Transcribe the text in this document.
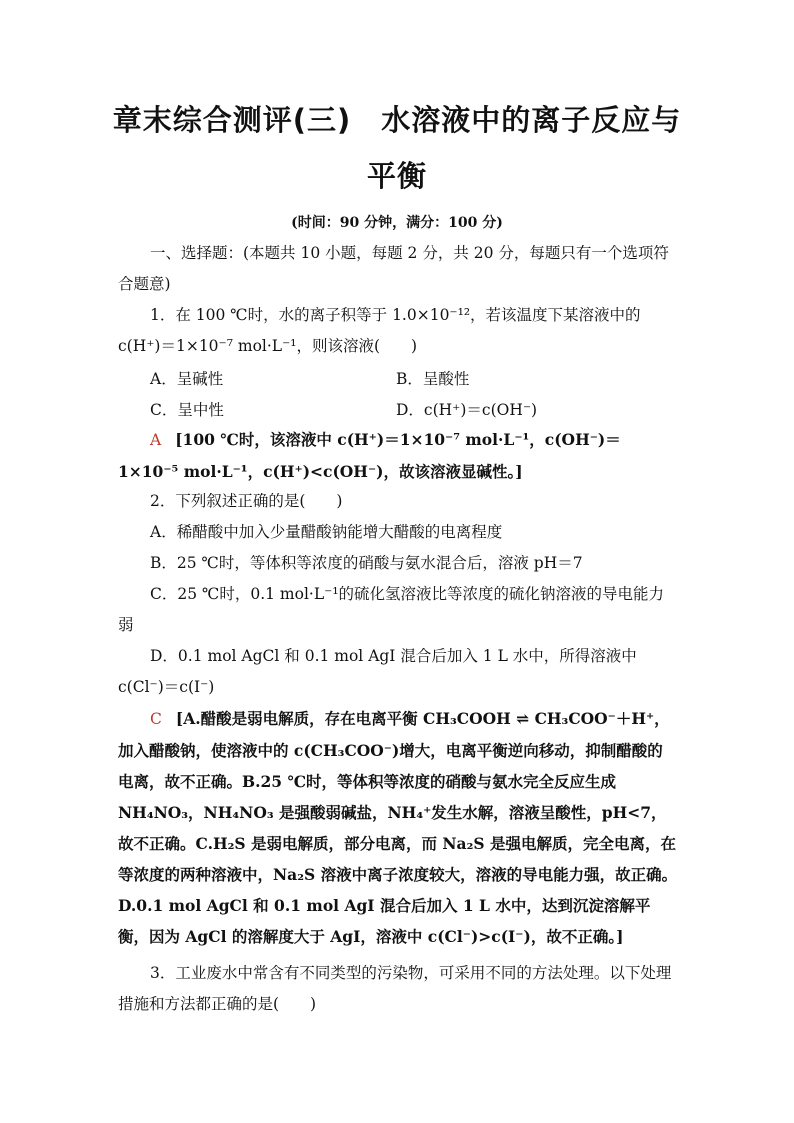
章末综合测评(三)　水溶液中的离子反应与
平衡
(时间：90 分钟，满分：100 分)

一、选择题：(本题共 10 小题，每题 2 分，共 20 分，每题只有一个选项符合题意)

1．在 100 ℃时，水的离子积等于 1.0×10⁻¹²，若该温度下某溶液中的 c(H⁺)＝1×10⁻⁷ mol·L⁻¹，则该溶液(　　)

A．呈碱性	B．呈酸性
C．呈中性	D．c(H⁺)＝c(OH⁻)

A [100 ℃时，该溶液中 c(H⁺)＝1×10⁻⁷ mol·L⁻¹，c(OH⁻)＝1×10⁻⁵ mol·L⁻¹，c(H⁺)<c(OH⁻)，故该溶液显碱性。]

2．下列叙述正确的是(　　)

A．稀醋酸中加入少量醋酸钠能增大醋酸的电离程度

B．25 ℃时，等体积等浓度的硝酸与氨水混合后，溶液 pH＝7

C．25 ℃时，0.1 mol·L⁻¹的硫化氢溶液比等浓度的硫化钠溶液的导电能力弱

D．0.1 mol AgCl 和 0.1 mol AgI 混合后加入 1 L 水中，所得溶液中 c(Cl⁻)＝c(I⁻)

C [A.醋酸是弱电解质，存在电离平衡 CH₃COOH ⇌ CH₃COO⁻＋H⁺，加入醋酸钠，使溶液中的 c(CH₃COO⁻)增大，电离平衡逆向移动，抑制醋酸的电离，故不正确。B.25 ℃时，等体积等浓度的硝酸与氨水完全反应生成 NH₄NO₃，NH₄NO₃ 是强酸弱碱盐，NH₄⁺发生水解，溶液呈酸性，pH<7，故不正确。C.H₂S 是弱电解质，部分电离，而 Na₂S 是强电解质，完全电离，在等浓度的两种溶液中，Na₂S 溶液中离子浓度较大，溶液的导电能力强，故正确。D.0.1 mol AgCl 和 0.1 mol AgI 混合后加入 1 L 水中，达到沉淀溶解平衡，因为 AgCl 的溶解度大于 AgI，溶液中 c(Cl⁻)>c(I⁻)，故不正确。]

3．工业废水中常含有不同类型的污染物，可采用不同的方法处理。以下处理措施和方法都正确的是(　　)
